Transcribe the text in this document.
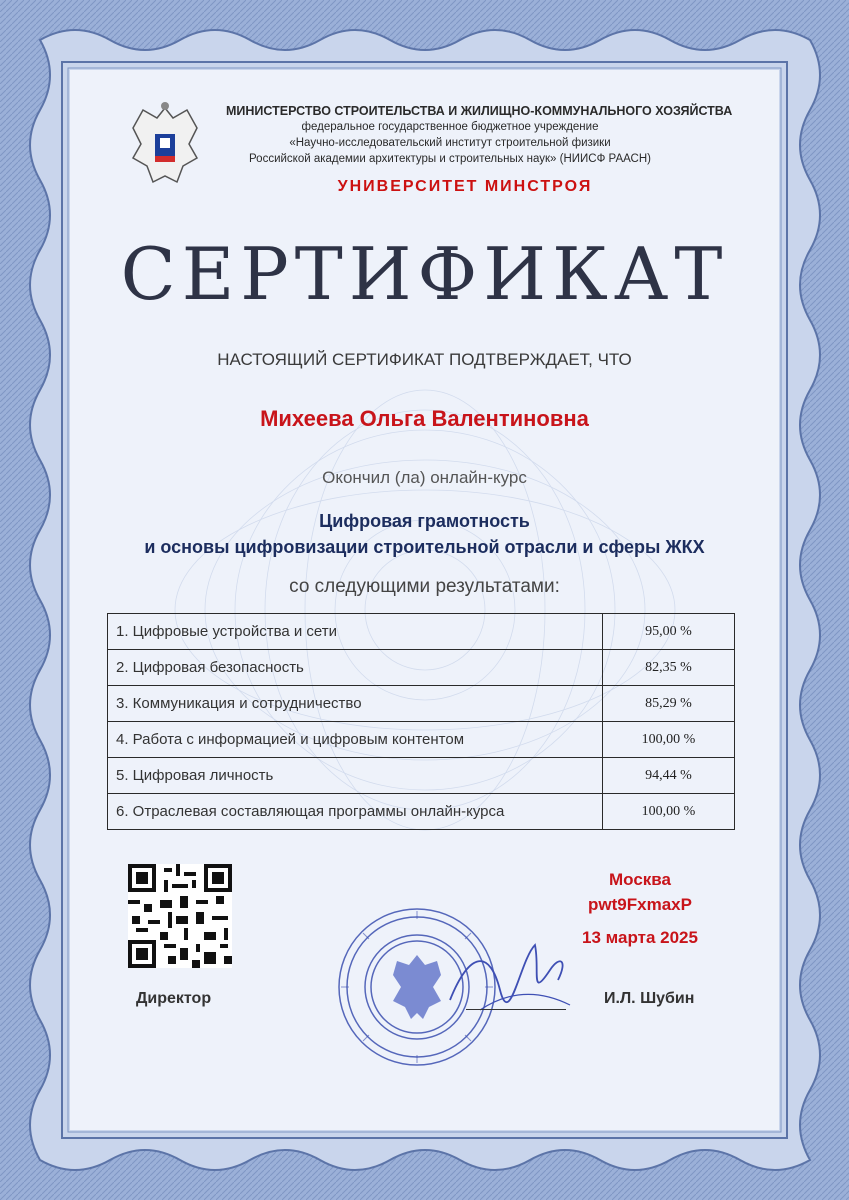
МИНИСТЕРСТВО СТРОИТЕЛЬСТВА И ЖИЛИЩНО-КОММУНАЛЬНОГО ХОЗЯЙСТВА
федеральное государственное бюджетное учреждение
«Научно-исследовательский институт строительной физики
Российской академии архитектуры и строительных наук» (НИИСФ РААСН)
УНИВЕРСИТЕТ МИНСТРОЯ
СЕРТИФИКАТ
НАСТОЯЩИЙ СЕРТИФИКАТ ПОДТВЕРЖДАЕТ, ЧТО
Михеева Ольга Валентиновна
Окончил (ла) онлайн-курс
Цифровая грамотность
и основы цифровизации строительной отрасли и сферы ЖКХ
со следующими результатами:
1. Цифровые устройства и сети	95,00 %
2. Цифровая безопасность	82,35 %
3. Коммуникация и сотрудничество	85,29 %
4. Работа с информацией и цифровым контентом	100,00 %
5. Цифровая личность	94,44 %
6. Отраслевая составляющая программы онлайн-курса	100,00 %
Москва
pwt9FxmaxP
13 марта 2025
Директор	И.Л. Шубин
